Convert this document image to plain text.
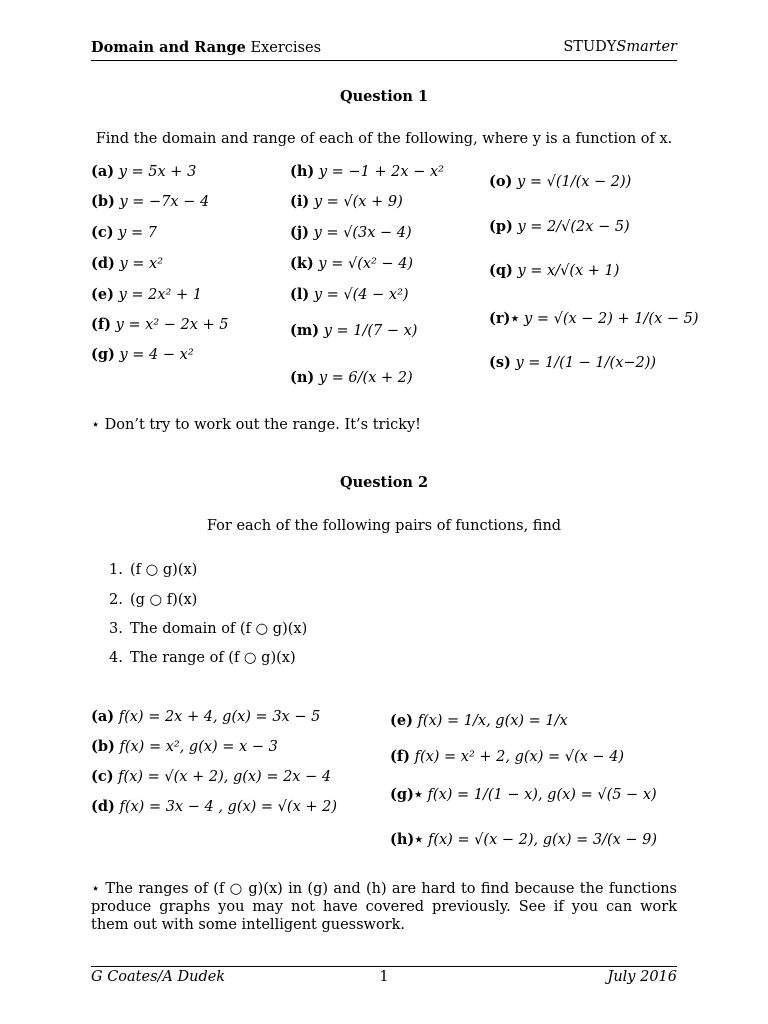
Domain and Range Exercises	STUDYSmarter
Question 1
Find the domain and range of each of the following, where y is a function of x.
(a) y = 5x + 3
(b) y = −7x − 4
(c) y = 7
(d) y = x²
(e) y = 2x² + 1
(f) y = x² − 2x + 5
(g) y = 4 − x²
(h) y = −1 + 2x − x²
(i) y = √(x + 9)
(j) y = √(3x − 4)
(k) y = √(x² − 4)
(l) y = √(4 − x²)
(m) y = 1/(7 − x)
(n) y = 6/(x + 2)
(o) y = √(1/(x − 2))
(p) y = 2/√(2x − 5)
(q) y = x/√(x + 1)
(r)⋆ y = √(x − 2) + 1/(x − 5)
(s) y = 1/(1 − 1/(x−2))
⋆ Don’t try to work out the range. It’s tricky!
Question 2
For each of the following pairs of functions, find
1. (f ○ g)(x)
2. (g ○ f)(x)
3. The domain of (f ○ g)(x)
4. The range of (f ○ g)(x)
(a) f(x) = 2x + 4, g(x) = 3x − 5
(b) f(x) = x², g(x) = x − 3
(c) f(x) = √(x + 2), g(x) = 2x − 4
(d) f(x) = 3x − 4 , g(x) = √(x + 2)
(e) f(x) = 1/x, g(x) = 1/x
(f) f(x) = x² + 2, g(x) = √(x − 4)
(g)⋆ f(x) = 1/(1 − x), g(x) = √(5 − x)
(h)⋆ f(x) = √(x − 2), g(x) = 3/(x − 9)
⋆ The ranges of (f ○ g)(x) in (g) and (h) are hard to find because the functions produce graphs you may not have covered previously. See if you can work them out with some intelligent guesswork.
G Coates/A Dudek	1	July 2016
